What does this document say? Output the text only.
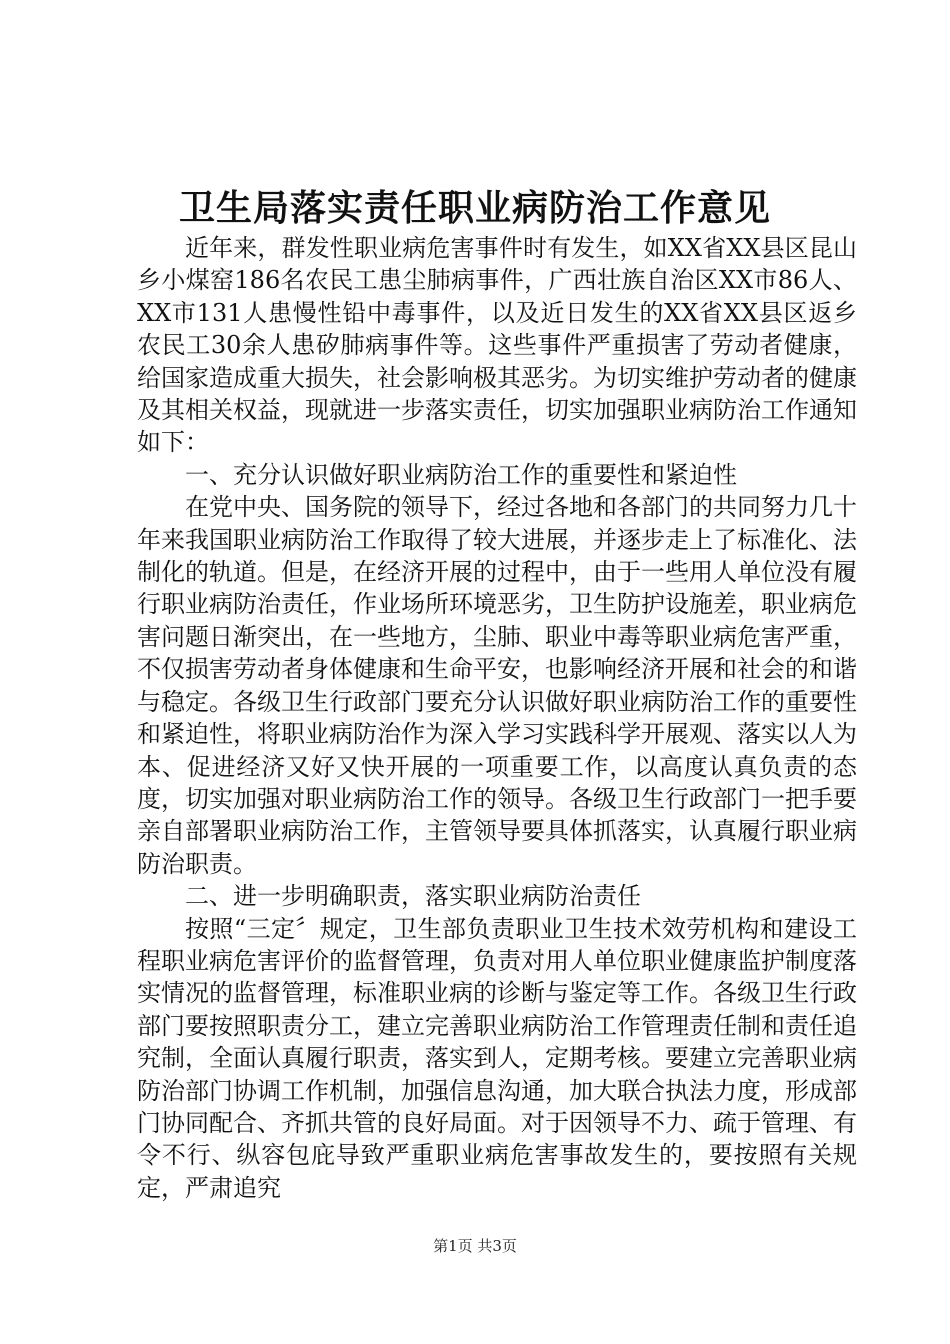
卫生局落实责任职业病防治工作意见

近年来，群发性职业病危害事件时有发生，如XX省XX县区昆山乡小煤窑186名农民工患尘肺病事件，广西壮族自治区XX市86人、XX市131人患慢性铅中毒事件，以及近日发生的XX省XX县区返乡农民工30余人患矽肺病事件等。这些事件严重损害了劳动者健康，给国家造成重大损失，社会影响极其恶劣。为切实维护劳动者的健康及其相关权益，现就进一步落实责任，切实加强职业病防治工作通知如下：

一、充分认识做好职业病防治工作的重要性和紧迫性

在党中央、国务院的领导下，经过各地和各部门的共同努力几十年来我国职业病防治工作取得了较大进展，并逐步走上了标准化、法制化的轨道。但是，在经济开展的过程中，由于一些用人单位没有履行职业病防治责任，作业场所环境恶劣，卫生防护设施差，职业病危害问题日渐突出，在一些地方，尘肺、职业中毒等职业病危害严重，不仅损害劳动者身体健康和生命平安，也影响经济开展和社会的和谐与稳定。各级卫生行政部门要充分认识做好职业病防治工作的重要性和紧迫性，将职业病防治作为深入学习实践科学开展观、落实以人为本、促进经济又好又快开展的一项重要工作，以高度认真负责的态度，切实加强对职业病防治工作的领导。各级卫生行政部门一把手要亲自部署职业病防治工作，主管领导要具体抓落实，认真履行职业病防治职责。

二、进一步明确职责，落实职业病防治责任

按照“三定〞规定，卫生部负责职业卫生技术效劳机构和建设工程职业病危害评价的监督管理，负责对用人单位职业健康监护制度落实情况的监督管理，标准职业病的诊断与鉴定等工作。各级卫生行政部门要按照职责分工，建立完善职业病防治工作管理责任制和责任追究制，全面认真履行职责，落实到人，定期考核。要建立完善职业病防治部门协调工作机制，加强信息沟通，加大联合执法力度，形成部门协同配合、齐抓共管的良好局面。对于因领导不力、疏于管理、有令不行、纵容包庇导致严重职业病危害事故发生的，要按照有关规定，严肃追究

第1页 共3页
